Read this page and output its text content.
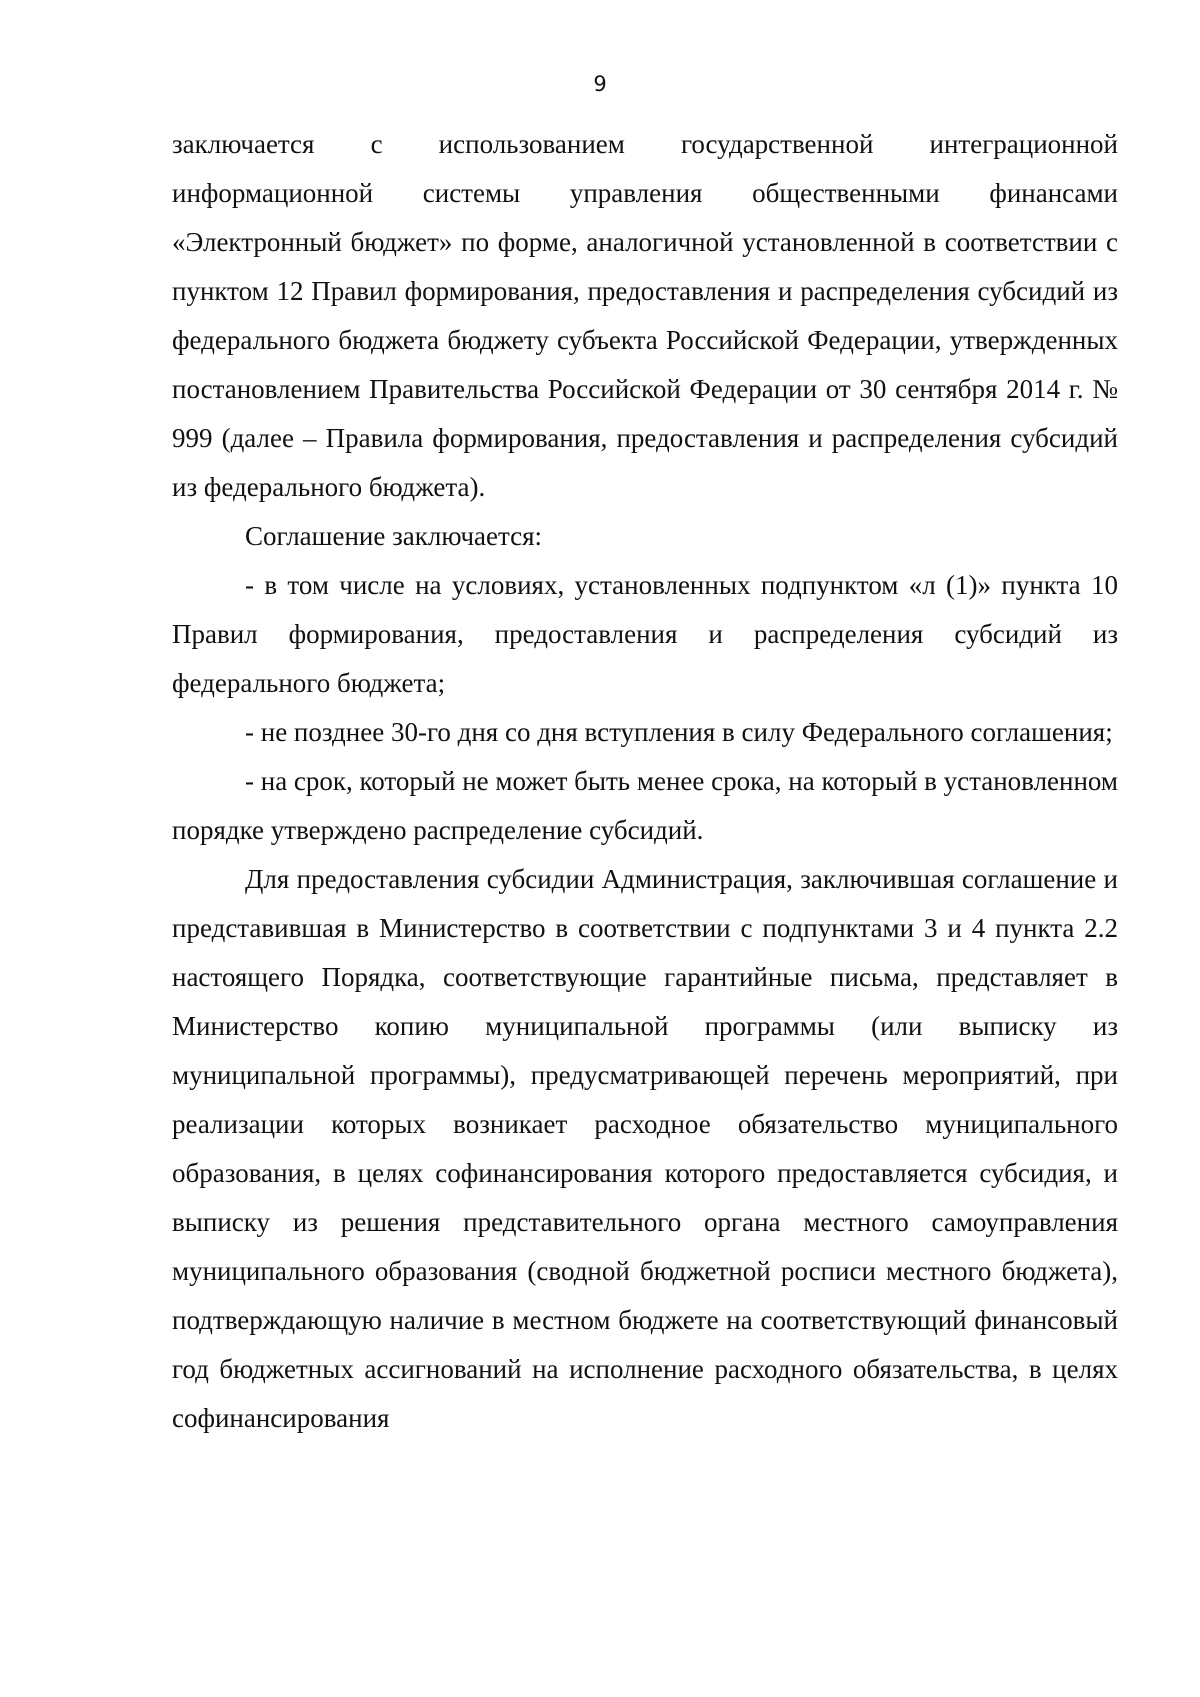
9

заключается с использованием государственной интеграционной информационной системы управления общественными финансами «Электронный бюджет» по форме, аналогичной установленной в соответствии с пунктом 12 Правил формирования, предоставления и распределения субсидий из федерального бюджета бюджету субъекта Российской Федерации, утвержденных постановлением Правительства Российской Федерации от 30 сентября 2014 г. № 999 (далее – Правила формирования, предоставления и распределения субсидий из федерального бюджета).

Соглашение заключается:

- в том числе на условиях, установленных подпунктом «л (1)» пункта 10 Правил формирования, предоставления и распределения субсидий из федерального бюджета;

- не позднее 30-го дня со дня вступления в силу Федерального соглашения;

- на срок, который не может быть менее срока, на который в установленном порядке утверждено распределение субсидий.

Для предоставления субсидии Администрация, заключившая соглашение и представившая в Министерство в соответствии с подпунктами 3 и 4 пункта 2.2 настоящего Порядка, соответствующие гарантийные письма, представляет в Министерство копию муниципальной программы (или выписку из муниципальной программы), предусматривающей перечень мероприятий, при реализации которых возникает расходное обязательство муниципального образования, в целях софинансирования которого предоставляется субсидия, и выписку из решения представительного органа местного самоуправления муниципального образования (сводной бюджетной росписи местного бюджета), подтверждающую наличие в местном бюджете на соответствующий финансовый год бюджетных ассигнований на исполнение расходного обязательства, в целях софинансирования
